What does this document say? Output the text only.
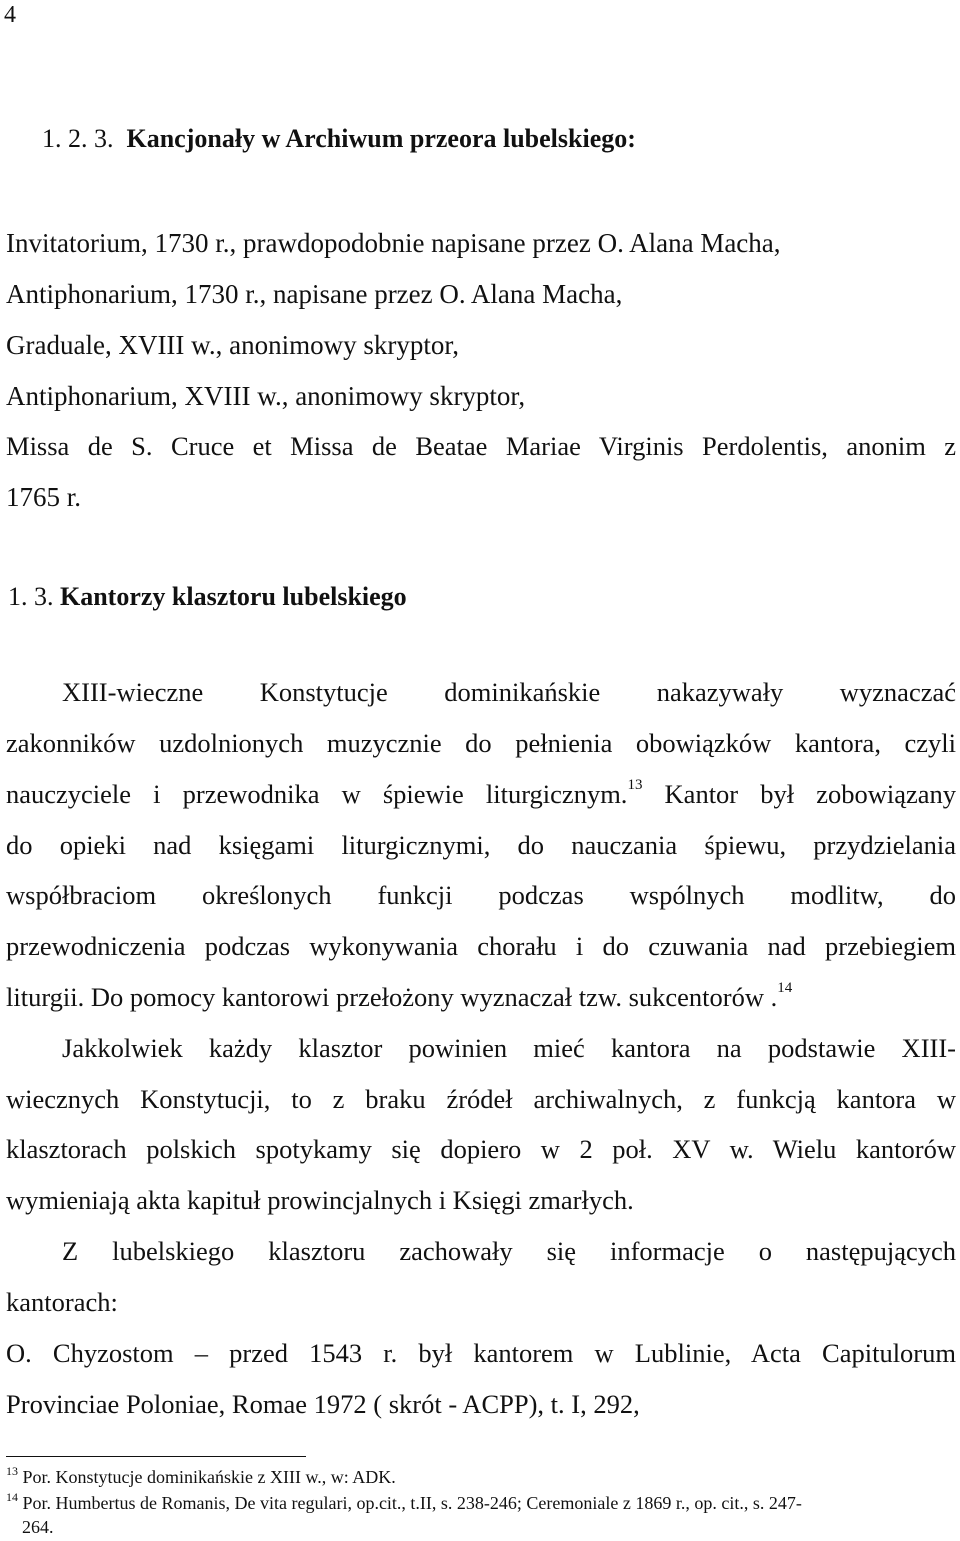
4
1. 2. 3. Kancjonały w Archiwum przeora lubelskiego:
Invitatorium, 1730 r., prawdopodobnie napisane przez O. Alana Macha,
Antiphonarium, 1730 r., napisane przez O. Alana Macha,
Graduale, XVIII w., anonimowy skryptor,
Antiphonarium, XVIII w., anonimowy skryptor,
Missa de S. Cruce et Missa de Beatae Mariae Virginis Perdolentis, anonim z
1765 r.
1. 3. Kantorzy klasztoru lubelskiego
XIII-wieczne Konstytucje dominikańskie nakazywały wyznaczać
zakonników uzdolnionych muzycznie do pełnienia obowiązków kantora, czyli
nauczyciele i przewodnika w śpiewie liturgicznym.$^{13}$ Kantor był zobowiązany
do opieki nad księgami liturgicznymi, do nauczania śpiewu, przydzielania
współbraciom określonych funkcji podczas wspólnych modlitw, do
przewodniczenia podczas wykonywania chorału i do czuwania nad przebiegiem
liturgii. Do pomocy kantorowi przełożony wyznaczał tzw. sukcentorów .$^{14}$
Jakkolwiek każdy klasztor powinien mieć kantora na podstawie XIII-
wiecznych Konstytucji, to z braku źródeł archiwalnych, z funkcją kantora w
klasztorach polskich spotykamy się dopiero w 2 poł. XV w. Wielu kantorów
wymieniają akta kapituł prowincjalnych i Księgi zmarłych.
Z lubelskiego klasztoru zachowały się informacje o następujących
kantorach:
O. Chyzostom – przed 1543 r. był kantorem w Lublinie, Acta Capitulorum
Provinciae Poloniae, Romae 1972 ( skrót - ACPP), t. I, 292,
$^{13}$ Por. Konstytucje dominikańskie z XIII w., w: ADK.
$^{14}$ Por. Humbertus de Romanis, De vita regulari, op.cit., t.II, s. 238-246; Ceremoniale z 1869 r., op. cit., s. 247-
264.
